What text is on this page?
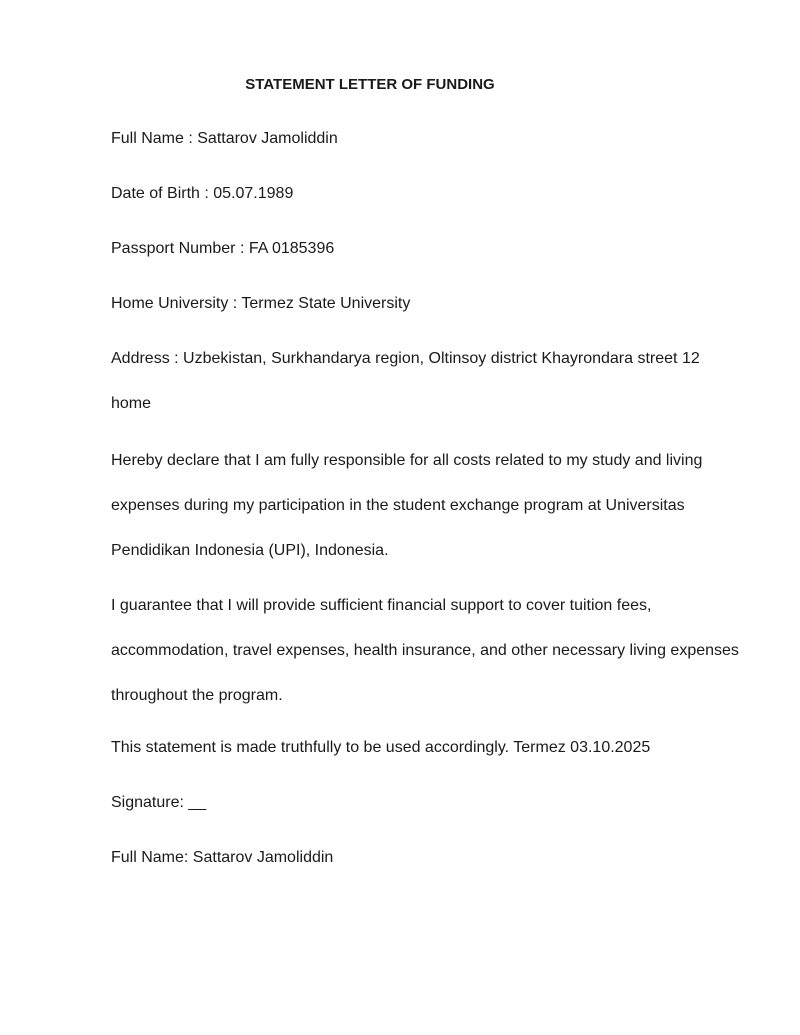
STATEMENT LETTER OF FUNDING
Full Name : Sattarov Jamoliddin
Date of Birth : 05.07.1989
Passport Number : FA 0185396
Home University : Termez State University
Address : Uzbekistan, Surkhandarya region, Oltinsoy district Khayrondara street 12
home
Hereby declare that I am fully responsible for all costs related to my study and living expenses during my participation in the student exchange program at Universitas Pendidikan Indonesia (UPI), Indonesia.
I guarantee that I will provide sufficient financial support to cover tuition fees, accommodation, travel expenses, health insurance, and other necessary living expenses throughout the program.
This statement is made truthfully to be used accordingly. Termez 03.10.2025
Signature: __
Full Name: Sattarov Jamoliddin
